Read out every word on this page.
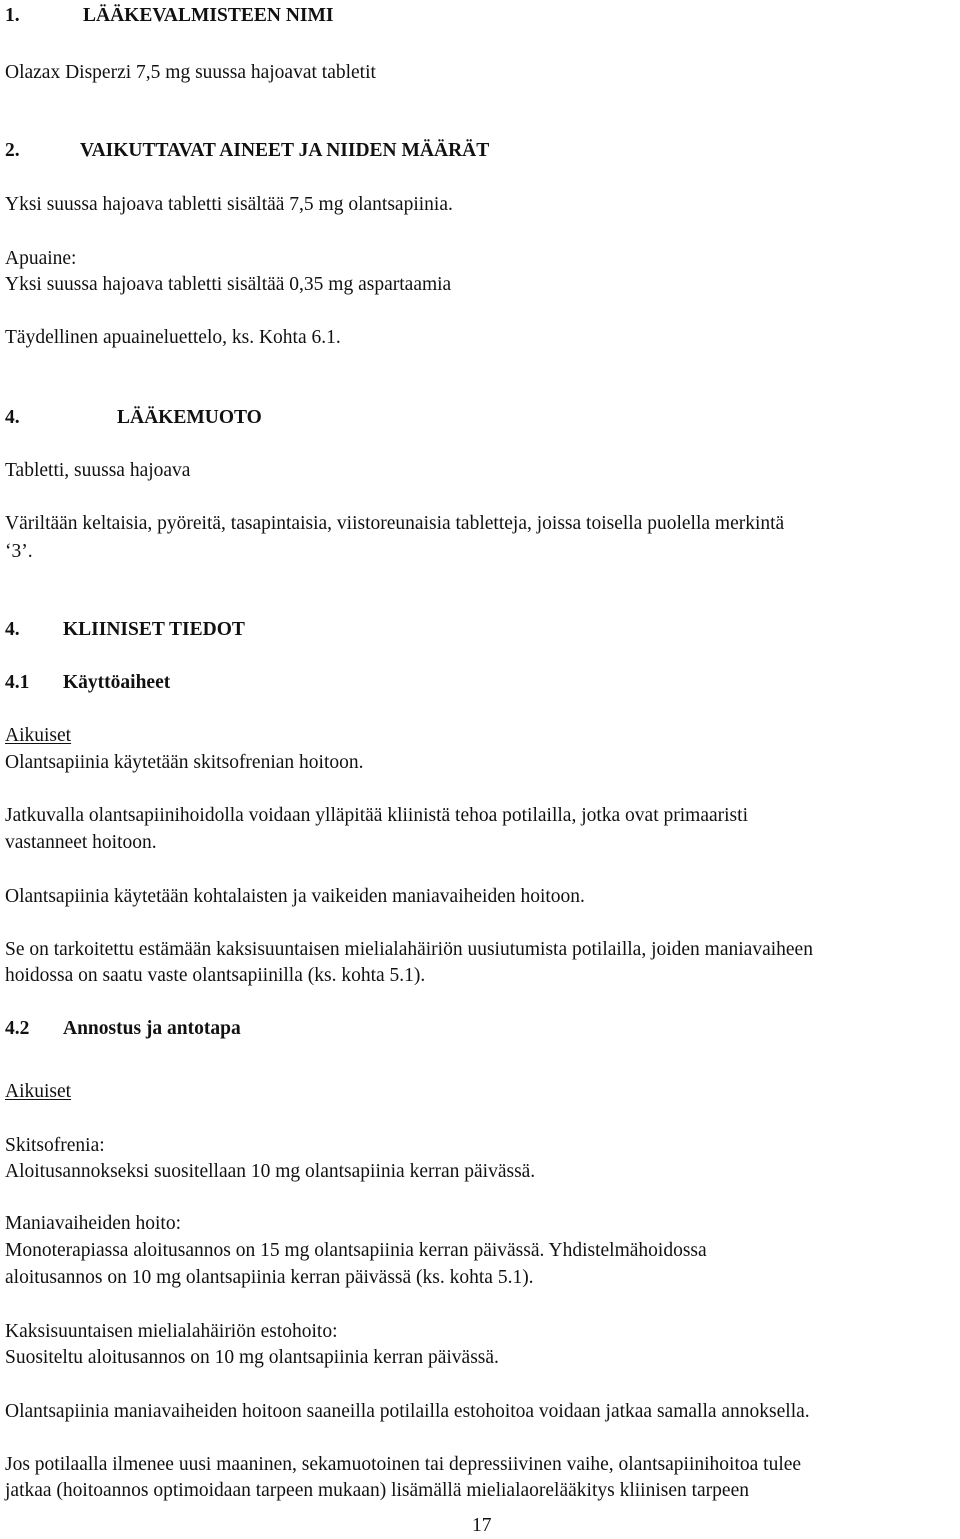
1.	LÄÄKEVALMISTEEN NIMI

Olazax Disperzi 7,5 mg suussa hajoavat tabletit

2.	VAIKUTTAVAT AINEET JA NIIDEN MÄÄRÄT

Yksi suussa hajoava tabletti sisältää 7,5 mg olantsapiinia.

Apuaine:

Yksi suussa hajoava tabletti sisältää 0,35 mg aspartaamia

Täydellinen apuaineluettelo, ks. Kohta 6.1.

4.	LÄÄKEMUOTO

Tabletti, suussa hajoava

Väriltään keltaisia, pyöreitä, tasapintaisia, viistoreunaisia tabletteja, joissa toisella puolella merkintä

‘3’.

4. KLIINISET TIEDOT

4.1 Käyttöaiheet

Aikuiset

Olantsapiinia käytetään skitsofrenian hoitoon.

Jatkuvalla olantsapiinihoidolla voidaan ylläpitää kliinistä tehoa potilailla, jotka ovat primaaristi

vastanneet hoitoon.

Olantsapiinia käytetään kohtalaisten ja vaikeiden maniavaiheiden hoitoon.

Se on tarkoitettu estämään kaksisuuntaisen mielialahäiriön uusiutumista potilailla, joiden maniavaiheen

hoidossa on saatu vaste olantsapiinilla (ks. kohta 5.1).

4.2 Annostus ja antotapa

Aikuiset

Skitsofrenia:

Aloitusannokseksi suositellaan 10 mg olantsapiinia kerran päivässä.

Maniavaiheiden hoito:

Monoterapiassa aloitusannos on 15 mg olantsapiinia kerran päivässä. Yhdistelmähoidossa

aloitusannos on 10 mg olantsapiinia kerran päivässä (ks. kohta 5.1).

Kaksisuuntaisen mielialahäiriön estohoito:

Suositeltu aloitusannos on 10 mg olantsapiinia kerran päivässä.

Olantsapiinia maniavaiheiden hoitoon saaneilla potilailla estohoitoa voidaan jatkaa samalla annoksella.

Jos potilaalla ilmenee uusi maaninen, sekamuotoinen tai depressiivinen vaihe, olantsapiinihoitoa tulee

jatkaa (hoitoannos optimoidaan tarpeen mukaan) lisämällä mielialaorelääkitys kliinisen tarpeen

17
